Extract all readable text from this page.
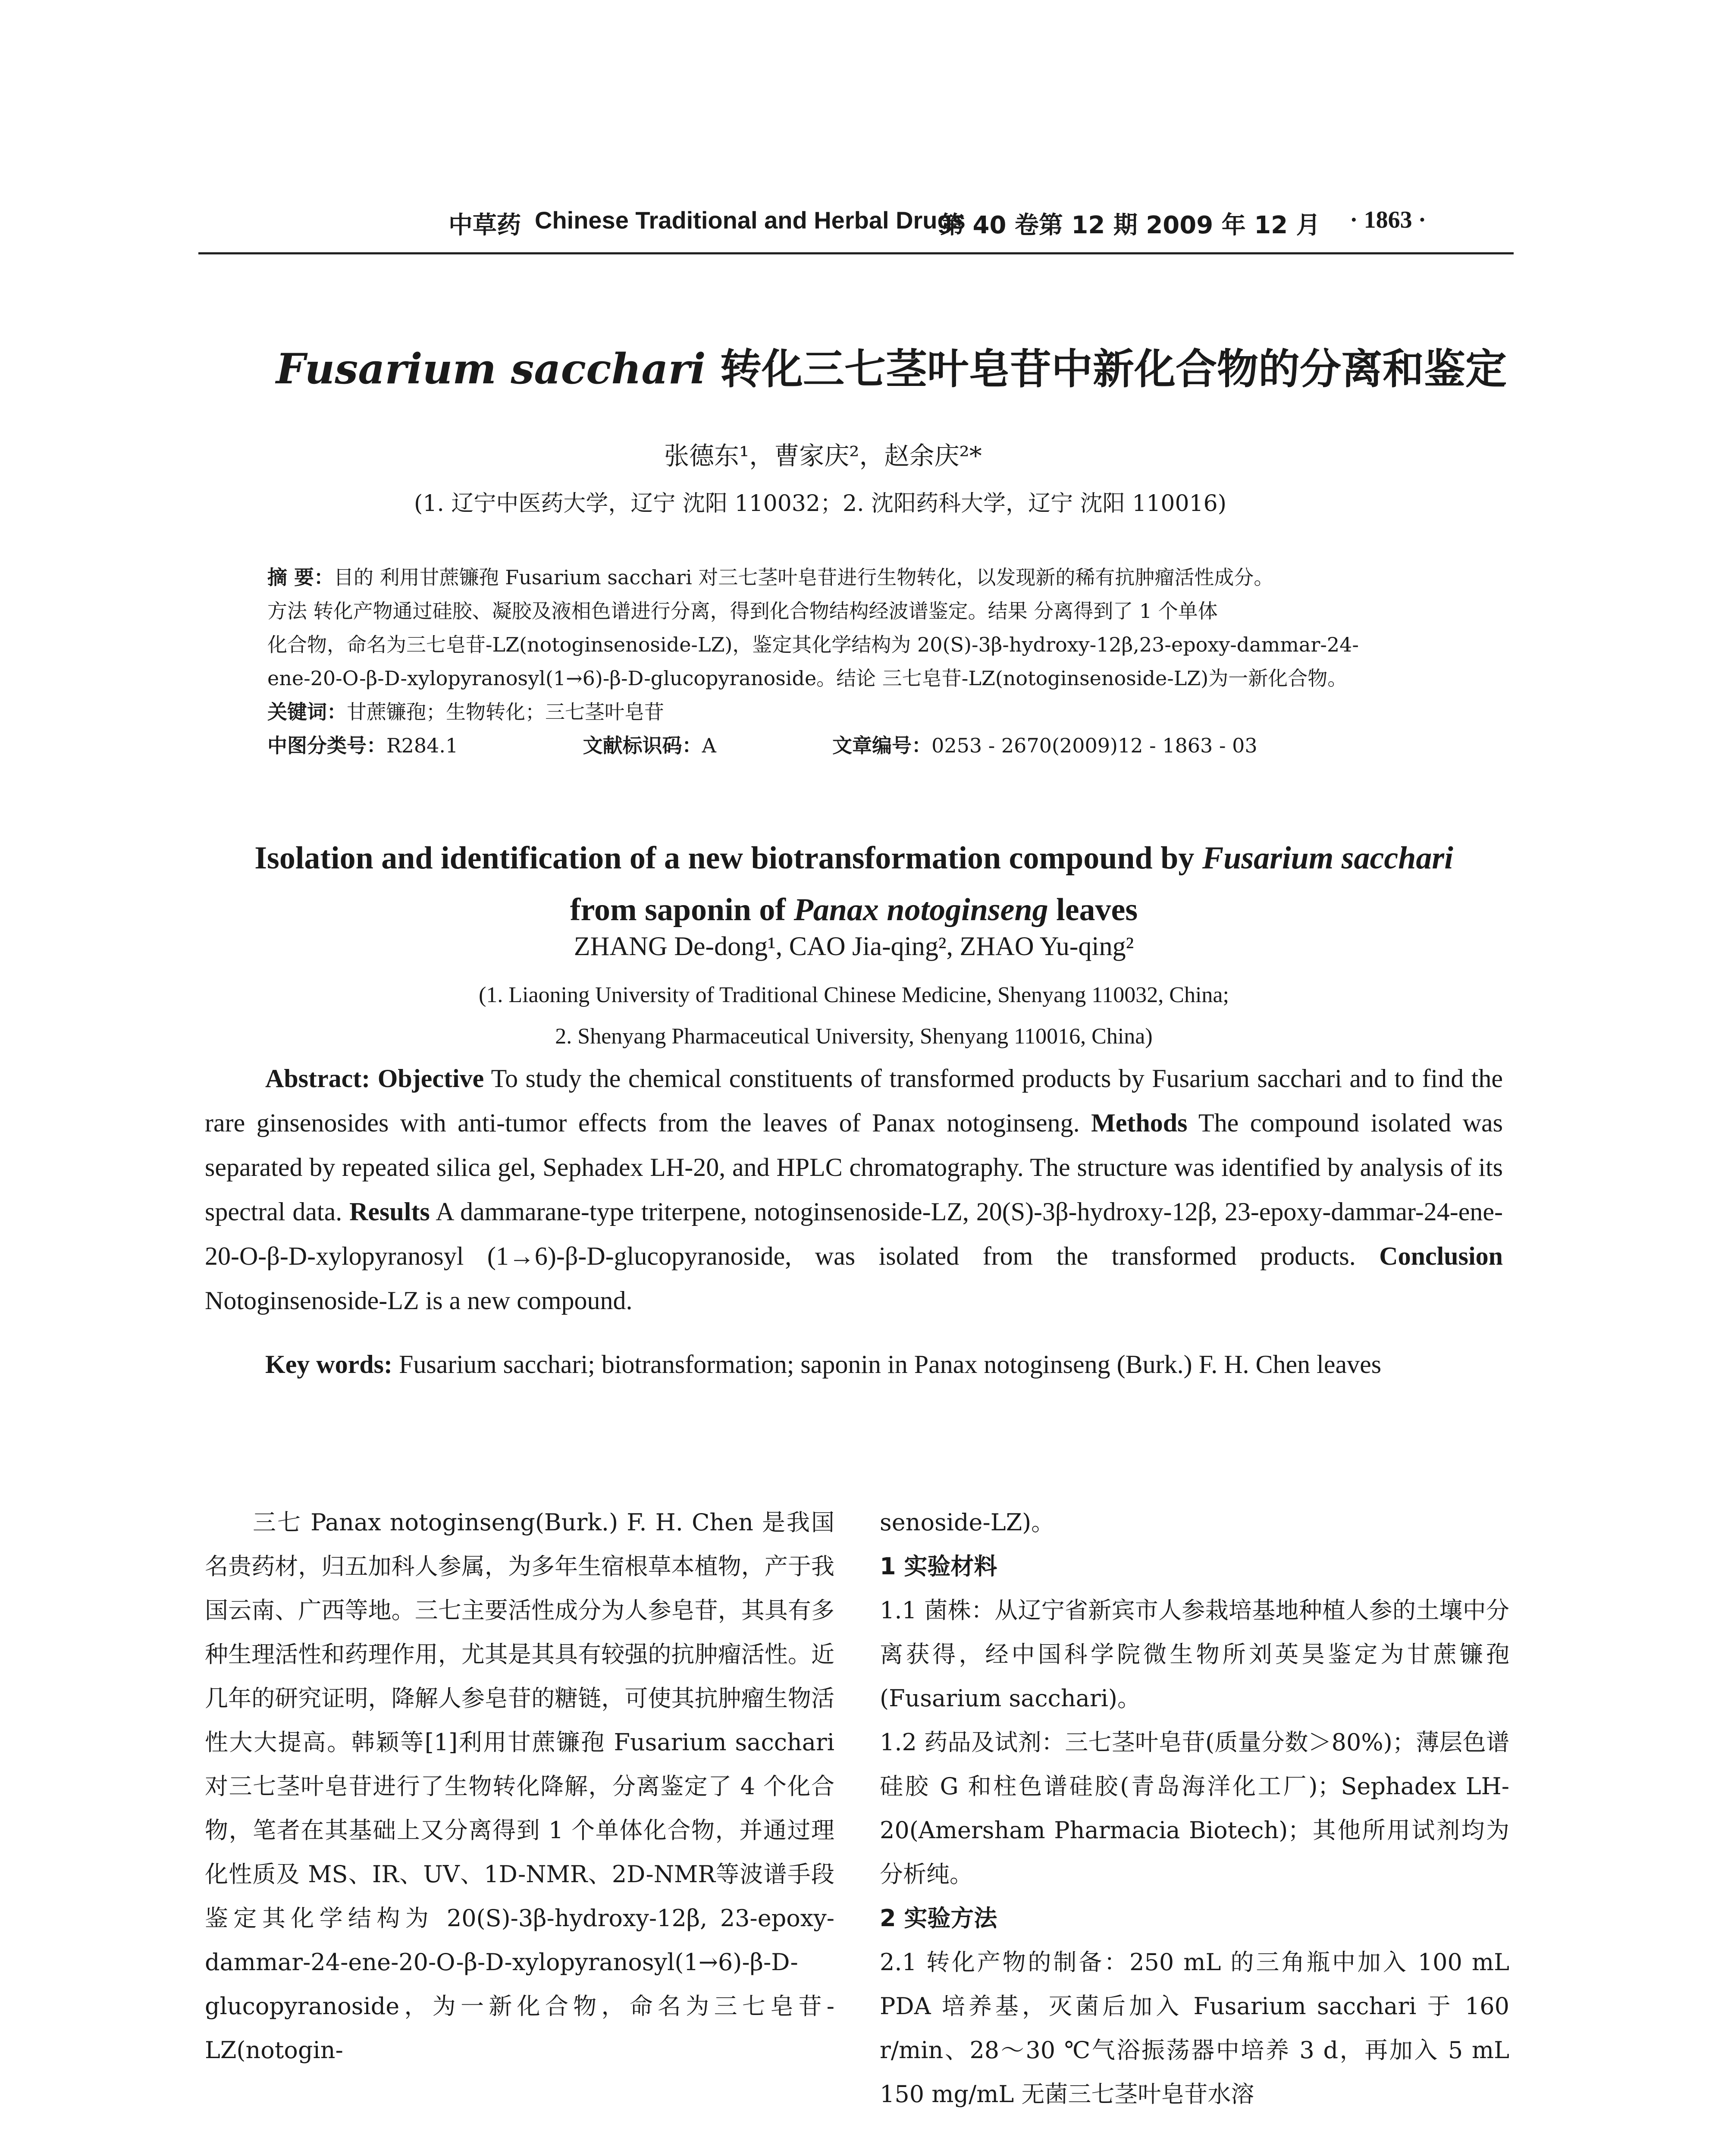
中草药 Chinese Traditional and Herbal Drugs
第 40 卷第 12 期 2009 年 12 月 · 1863 ·
Fusarium sacchari 转化三七茎叶皂苷中新化合物的分离和鉴定
张德东¹，曹家庆²，赵余庆²*
(1. 辽宁中医药大学，辽宁 沈阳 110032；2. 沈阳药科大学，辽宁 沈阳 110016)

摘 要：目的 利用甘蔗镰孢 Fusarium sacchari 对三七茎叶皂苷进行生物转化，以发现新的稀有抗肿瘤活性成分。

方法 转化产物通过硅胶、凝胶及液相色谱进行分离，得到化合物结构经波谱鉴定。结果 分离得到了 1 个单体

化合物，命名为三七皂苷-LZ(notoginsenoside-LZ)，鉴定其化学结构为 20(S)-3β-hydroxy-12β,23-epoxy-dammar-24-

ene-20-O-β-D-xylopyranosyl(1→6)-β-D-glucopyranoside。结论 三七皂苷-LZ(notoginsenoside-LZ)为一新化合物。

关键词：甘蔗镰孢；生物转化；三七茎叶皂苷

中图分类号：R284.1	文献标识码：A	文章编号：0253 - 2670(2009)12 - 1863 - 03

Isolation and identification of a new biotransformation compound by Fusarium sacchari
from saponin of Panax notoginseng leaves
ZHANG De-dong¹, CAO Jia-qing², ZHAO Yu-qing²
(1. Liaoning University of Traditional Chinese Medicine, Shenyang 110032, China;
2. Shenyang Pharmaceutical University, Shenyang 110016, China)

Abstract: Objective To study the chemical constituents of transformed products by Fusarium sacchari and to find the rare ginsenosides with anti-tumor effects from the leaves of Panax notoginseng. Methods The compound isolated was separated by repeated silica gel, Sephadex LH-20, and HPLC chromatography. The structure was identified by analysis of its spectral data. Results A dammarane-type triterpene, notoginsenoside-LZ, 20(S)-3β-hydroxy-12β, 23-epoxy-dammar-24-ene-20-O-β-D-xylopyranosyl (1→6)-β-D-glucopyranoside, was isolated from the transformed products. Conclusion Notoginsenoside-LZ is a new compound.

Key words: Fusarium sacchari; biotransformation; saponin in Panax notoginseng (Burk.) F. H. Chen leaves

三七 Panax notoginseng(Burk.) F. H. Chen 是我国名贵药材，归五加科人参属，为多年生宿根草本植物，产于我国云南、广西等地。三七主要活性成分为人参皂苷，其具有多种生理活性和药理作用，尤其是其具有较强的抗肿瘤活性。近几年的研究证明，降解人参皂苷的糖链，可使其抗肿瘤生物活性大大提高。韩颖等[1]利用甘蔗镰孢 Fusarium sacchari 对三七茎叶皂苷进行了生物转化降解，分离鉴定了 4 个化合物，笔者在其基础上又分离得到 1 个单体化合物，并通过理化性质及 MS、IR、UV、1D-NMR、2D-NMR等波谱手段鉴定其化学结构为 20(S)-3β-hydroxy-12β, 23-epoxy-dammar-24-ene-20-O-β-D-xylopyranosyl(1→6)-β-D-glucopyranoside，为一新化合物，命名为三七皂苷-LZ(notogin-

senoside-LZ)。

1 实验材料

1.1 菌株：从辽宁省新宾市人参栽培基地种植人参的土壤中分离获得，经中国科学院微生物所刘英昊鉴定为甘蔗镰孢(Fusarium sacchari)。

1.2 药品及试剂：三七茎叶皂苷(质量分数＞80%)；薄层色谱硅胶 G 和柱色谱硅胶(青岛海洋化工厂)；Sephadex LH-20(Amersham Pharmacia Biotech)；其他所用试剂均为分析纯。

2 实验方法

2.1 转化产物的制备：250 mL 的三角瓶中加入 100 mL PDA 培养基，灭菌后加入 Fusarium sacchari 于 160 r/min、28～30 ℃气浴振荡器中培养 3 d，再加入 5 mL 150 mg/mL 无菌三七茎叶皂苷水溶
